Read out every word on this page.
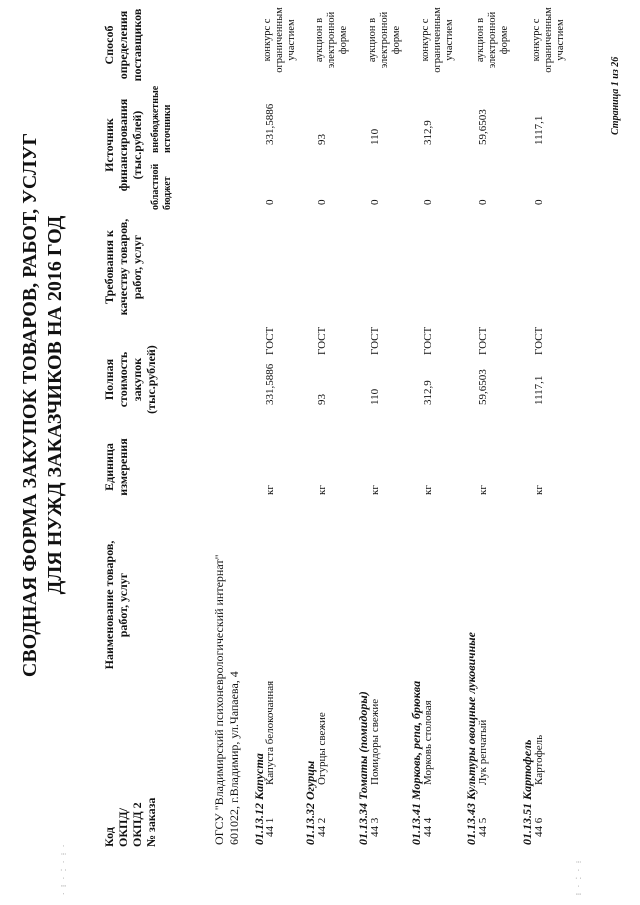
· ⁞ · ⁚ · ⁝ ·	⁞ · ⁚ · ⁝
СВОДНАЯ ФОРМА ЗАКУПОК ТОВАРОВ, РАБОТ, УСЛУГ ДЛЯ НУЖД ЗАКАЗЧИКОВ НА 2016 ГОД
Код
ОКПД/
ОКПД 2
№ заказа
Наименование товаров,
работ, услуг
Единица
измерения
Полная
стоимость
закупок
(тыс.рублей)
Требования к
качеству товаров,
работ, услуг
Источник
финансирования
(тыс.рублей)
областной бюджет
внебюджетные источники
Способ
определения
поставщиков
ОГСУ "Владимирский психоневрологический интернат" 601022, г.Владимир, ул.Чапаева, 4 01.13.12 Капуста
44 1
Капуста белокочанная
кг
331,5886
ГОСТ
0
331,5886
конкурс с ограниченным участием
01.13.32 Огурцы 44 2
Огурцы свежие
кг
93
ГОСТ
0
93
аукцион в электронной форме
01.13.34 Томаты (помидоры) 44 3
Помидоры свежие
кг
110
ГОСТ
0
110
аукцион в электронной форме
01.13.41 Морковь, репа, брюква 44 4
Морковь столовая
кг
312,9
ГОСТ
0
312,9
конкурс с ограниченным участием
01.13.43 Культуры овощные луковичные 44 5
Лук репчатый
кг
59,6503
ГОСТ
0
59,6503
аукцион в электронной форме
01.13.51 Картофель 44 6
Картофель
кг
1117,1
ГОСТ
0
1117,1
конкурс с ограниченным участием
Страница 1 из 26
